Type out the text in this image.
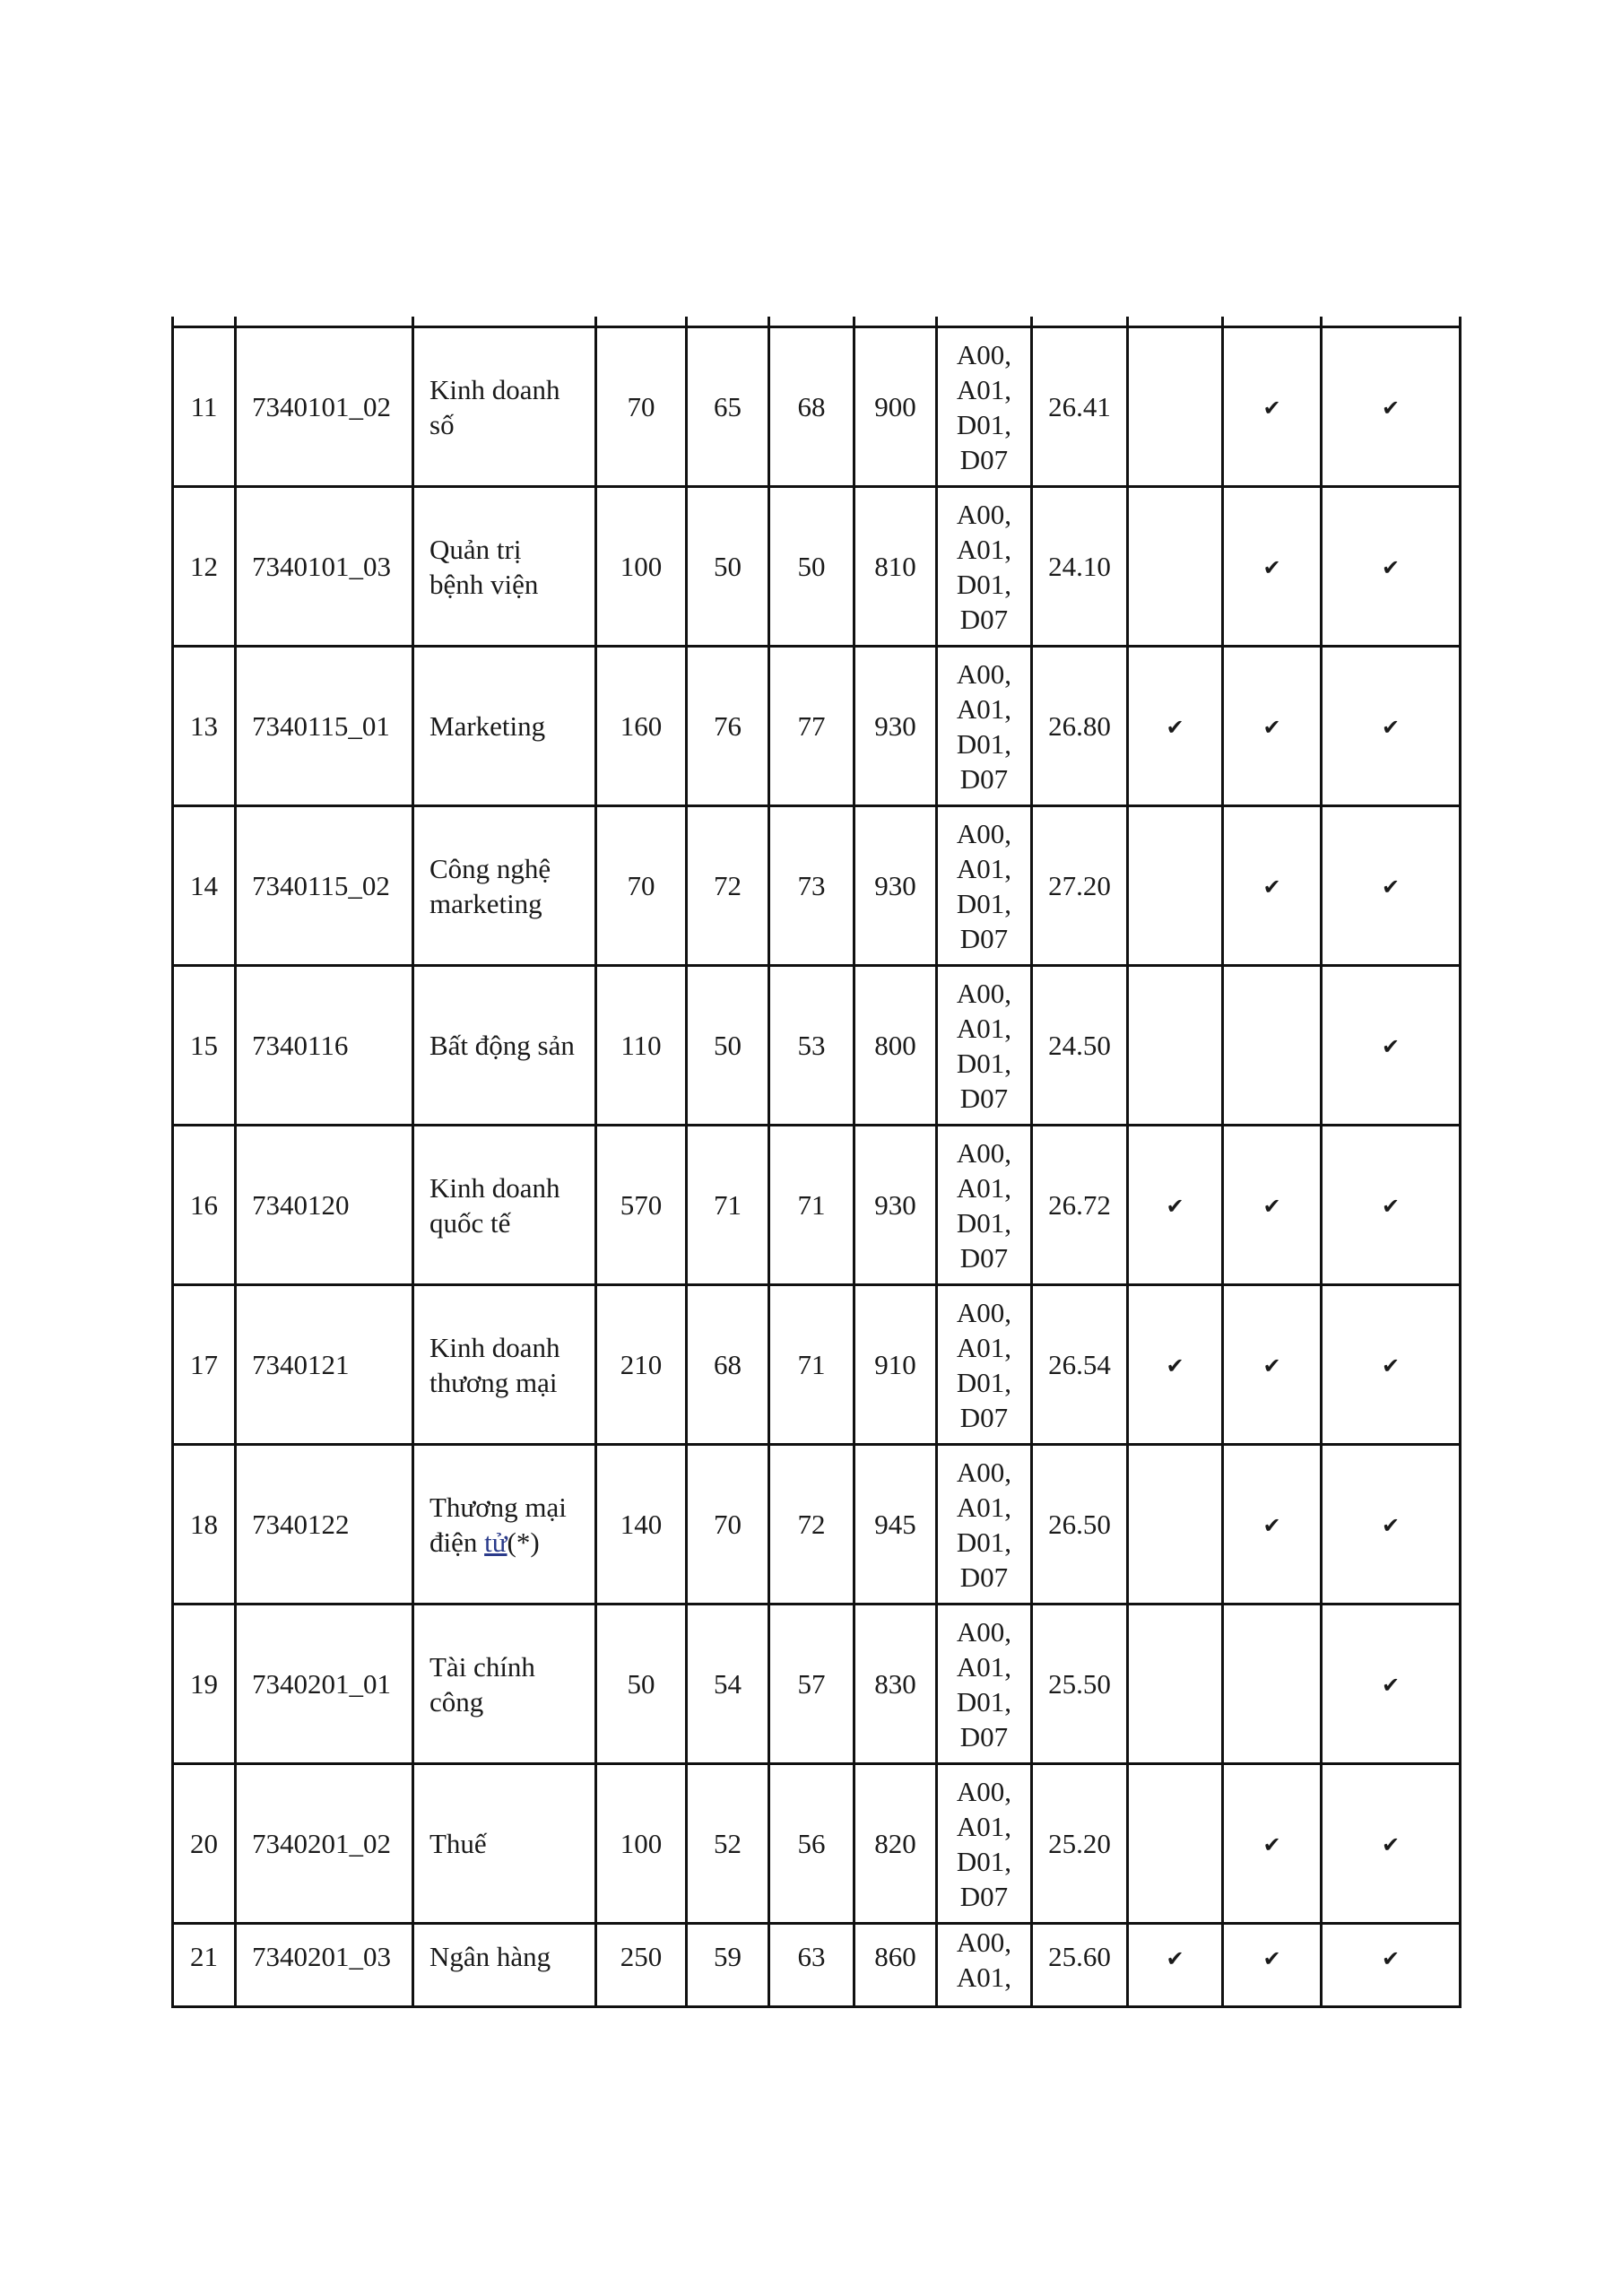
11	7340101_02	Kinh doanh
số	70	65	68	900	A00,
A01,
D01,
D07	26.41		✔	✔
12	7340101_03	Quản trị
bệnh viện	100	50	50	810	A00,
A01,
D01,
D07	24.10		✔	✔
13	7340115_01	Marketing	160	76	77	930	A00,
A01,
D01,
D07	26.80	✔	✔	✔
14	7340115_02	Công nghệ
marketing	70	72	73	930	A00,
A01,
D01,
D07	27.20		✔	✔
15	7340116	Bất động sản	110	50	53	800	A00,
A01,
D01,
D07	24.50			✔
16	7340120	Kinh doanh
quốc tế	570	71	71	930	A00,
A01,
D01,
D07	26.72	✔	✔	✔
17	7340121	Kinh doanh
thương mại	210	68	71	910	A00,
A01,
D01,
D07	26.54	✔	✔	✔
18	7340122	Thương mại
điện tử(*)	140	70	72	945	A00,
A01,
D01,
D07	26.50		✔	✔
19	7340201_01	Tài chính
công	50	54	57	830	A00,
A01,
D01,
D07	25.50			✔
20	7340201_02	Thuế	100	52	56	820	A00,
A01,
D01,
D07	25.20		✔	✔
21	7340201_03	Ngân hàng	250	59	63	860	A00,
A01,	25.60	✔	✔	✔
